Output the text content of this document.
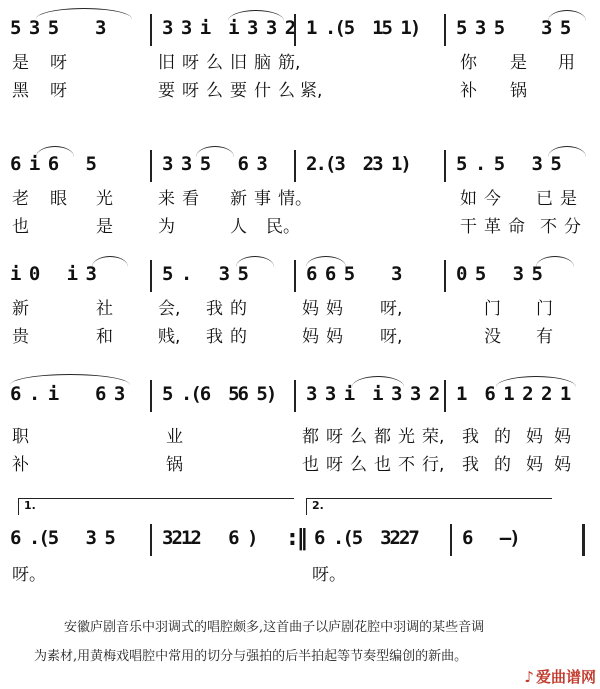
5 3 5    3	3 3 i  i 3 3 2 1 .(5  15 1) 5 3 5    3 5
是 呀	旧 呀 么 旧 脑 筋,	你 是 用
黑 呀	要 呀 么 要 什 么 紧,	补 锅
6 i 6   5	3 3 5   6 3 2.(3  23 1) 5 . 5   3 5
老 眼 光	来 看 新 事 情。	如 今 已 是
也	是	为	人 民。	干 革 命 不 分
i 0   i 3	5 .   3 5	6 6 5    3	0 5   3 5
新	社	会, 我 的	妈 妈 呀,	门 门
贵	和	贱, 我 的	妈 妈 呀,	没 有
6 . i    6 3 5 .(6  56 5) 3 3 i  i 3 3 2 1  6 1 2 2 1
职	业	都 呀 么 都 光 荣, 我 的 妈 妈
补	锅	也 呀 么 也 不 行, 我 的 妈 妈
1.	2.
6 .(5   3 5	3212   6 ) :‖ 6 .(5  3227 6   —)
呀。	呀。
安徽庐剧音乐中羽调式的唱腔颇多,这首曲子以庐剧花腔中羽调的某些音调
为素材,用黄梅戏唱腔中常用的切分与强拍的后半拍起等节奏型编创的新曲。
♪ 爱曲谱网
